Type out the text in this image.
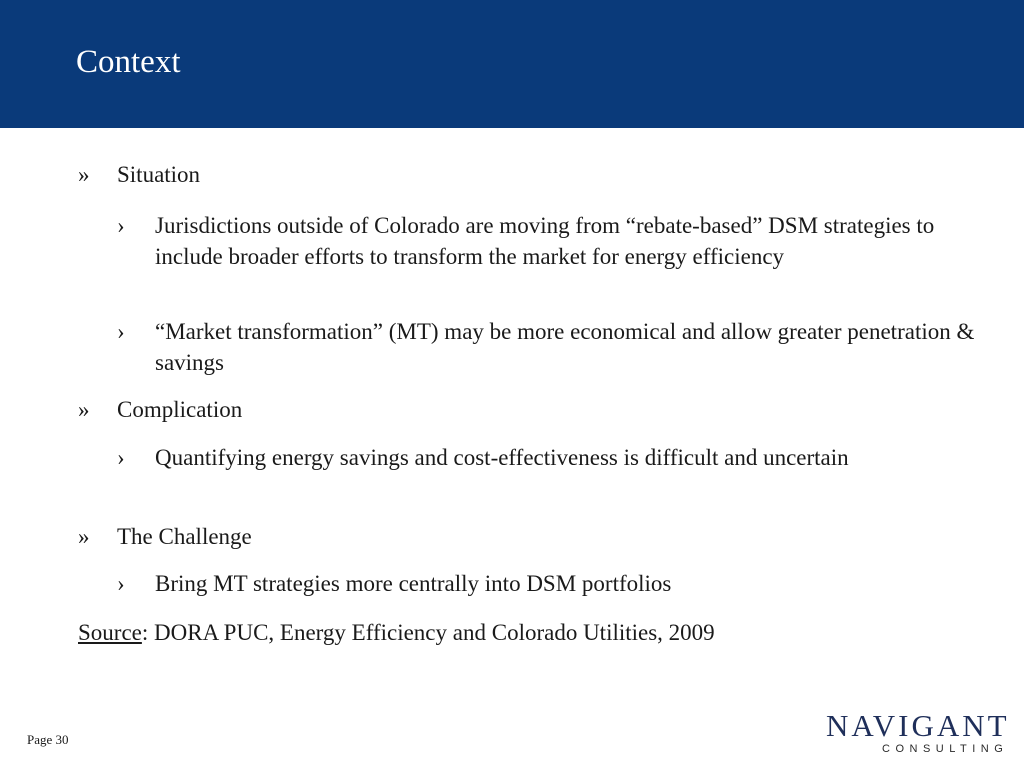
Context
» Situation
› Jurisdictions outside of Colorado are moving from “rebate-based” DSM strategies to include broader efforts to transform the market for energy efficiency
› “Market transformation” (MT) may be more economical and allow greater penetration & savings
» Complication
› Quantifying energy savings and cost-effectiveness is difficult and uncertain
» The Challenge
› Bring MT strategies more centrally into DSM portfolios
Source: DORA PUC, Energy Efficiency and Colorado Utilities, 2009
Page 30	NAVIGANT
CONSULTING
